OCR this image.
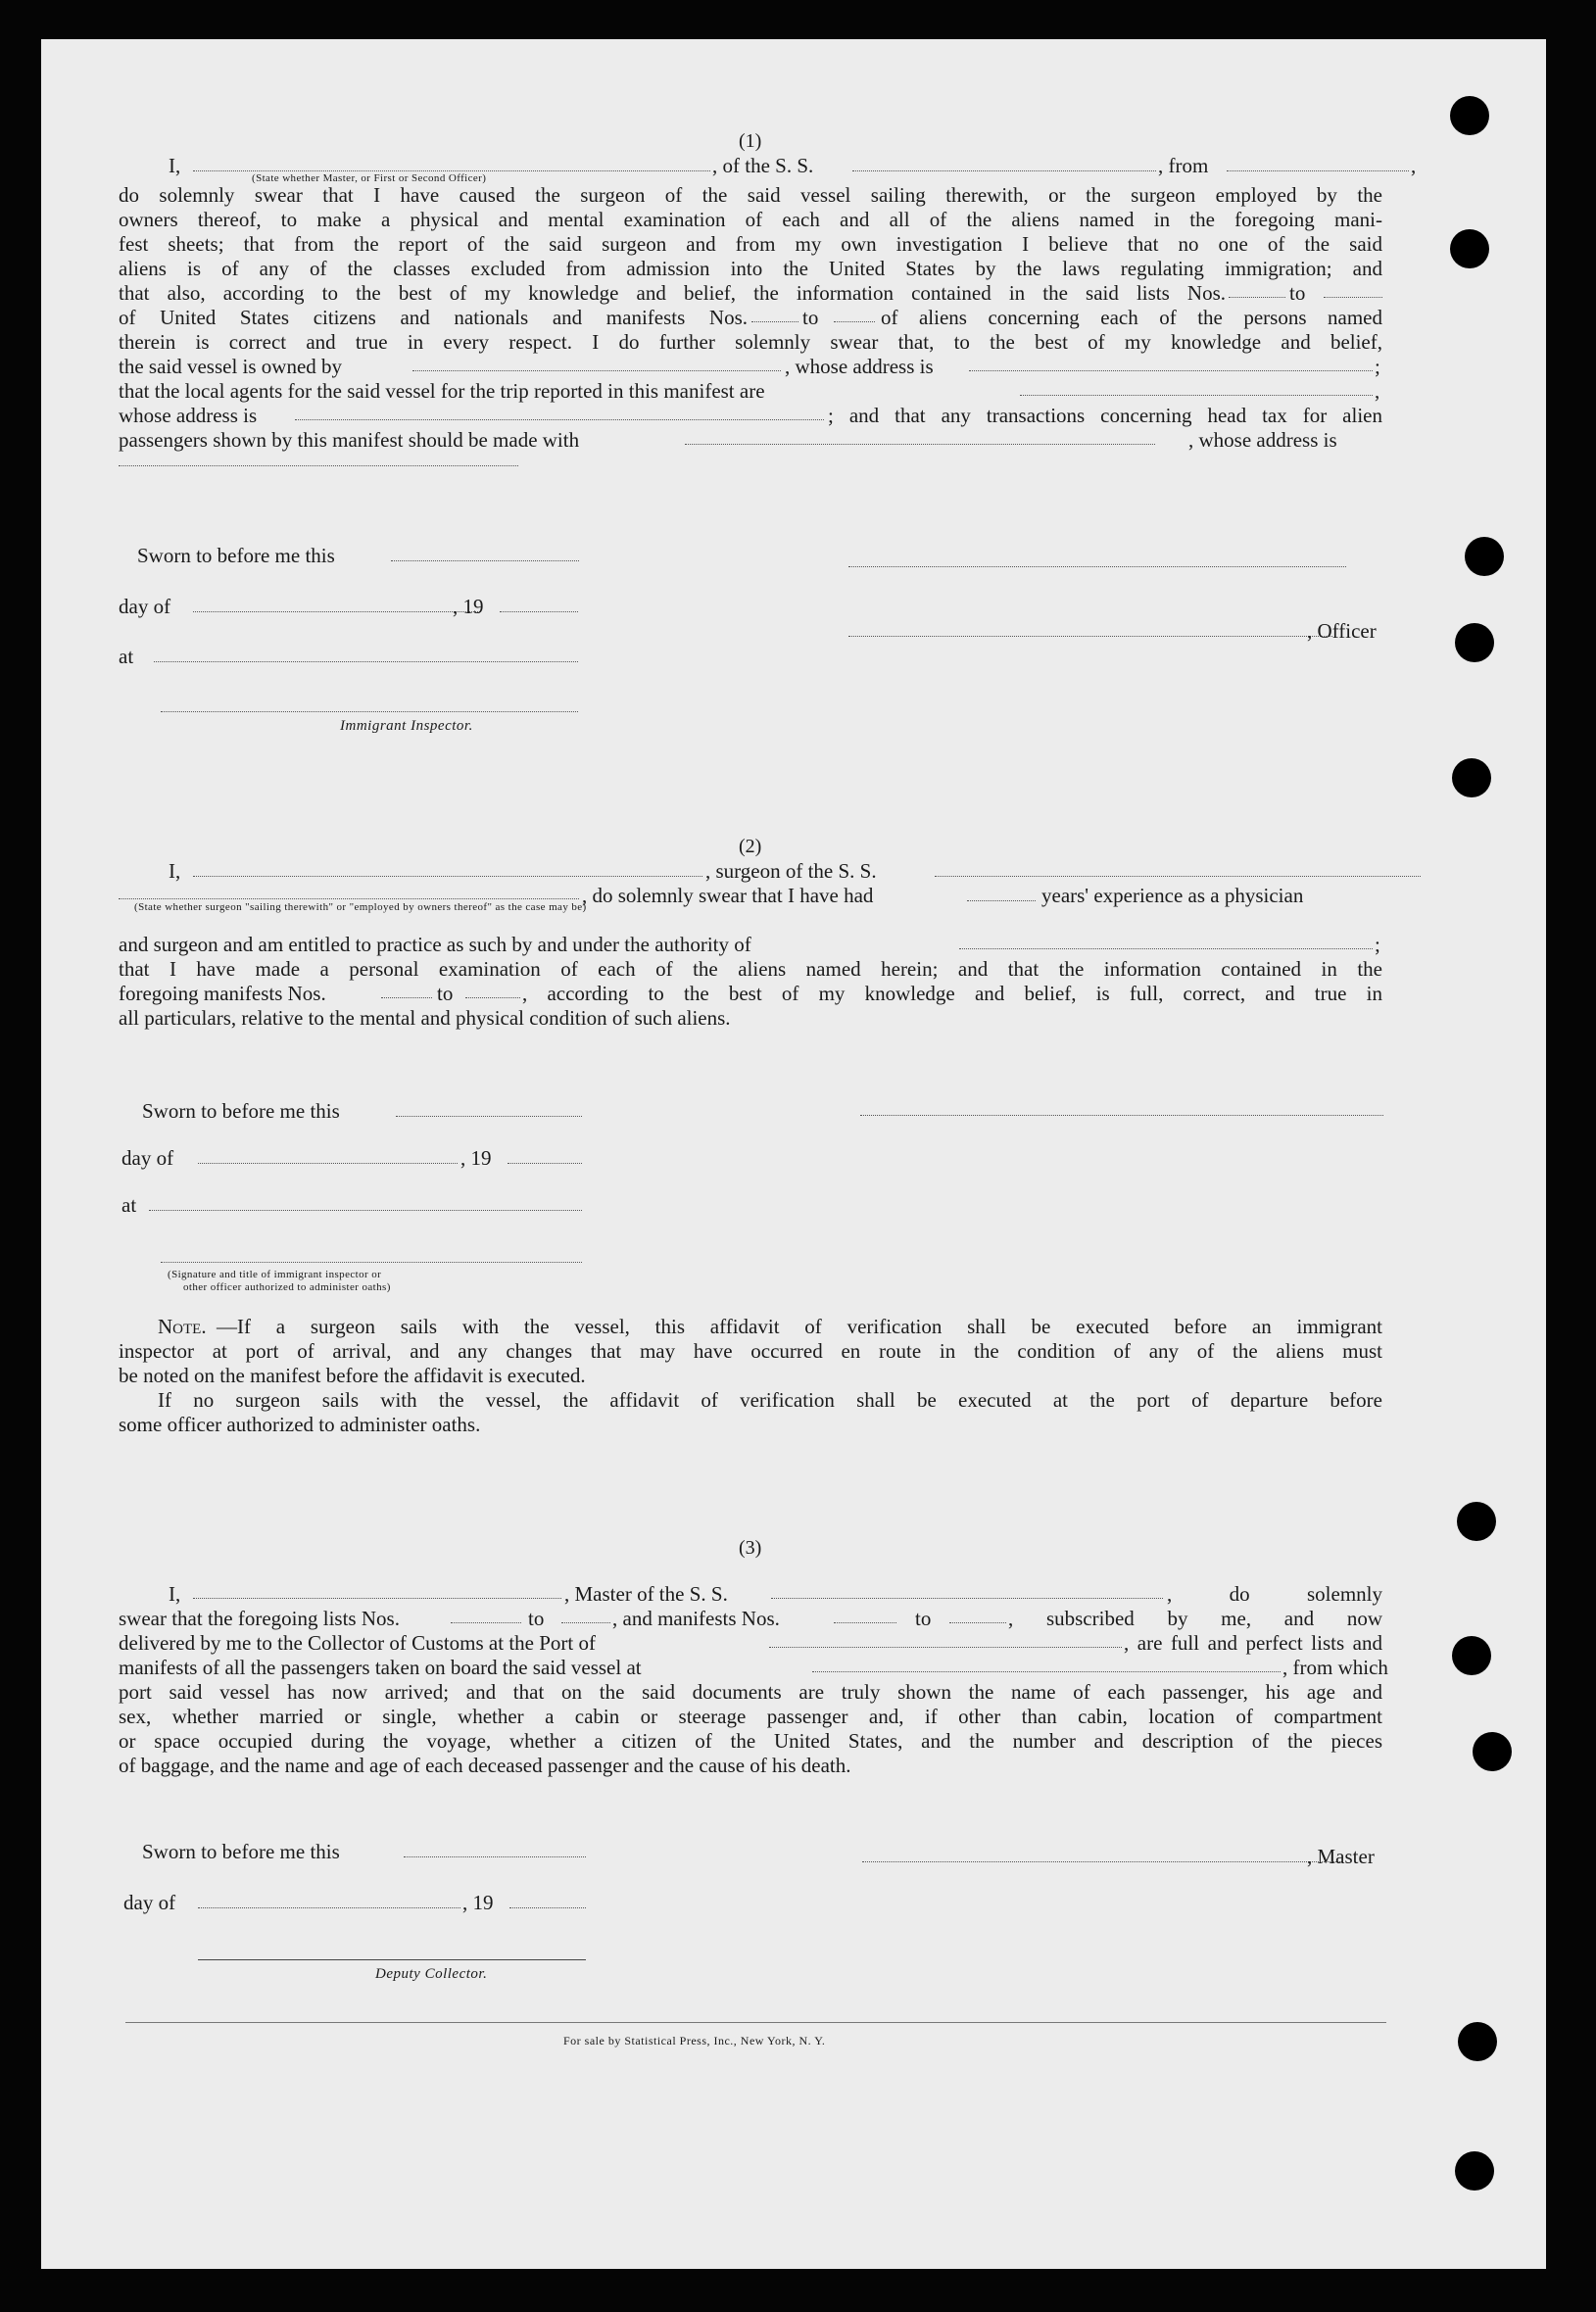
(1)
I,
(State whether Master, or First or Second Officer)
, of the S. S.	, from	,
do solemnly swear that I have caused the surgeon of the said vessel sailing therewith, or the surgeon employed by the
owners thereof, to make a physical and mental examination of each and all of the aliens named in the foregoing mani-
fest sheets; that from the report of the said surgeon and from my own investigation I believe that no one of the said
aliens is of any of the classes excluded from admission into the United States by the laws regulating immigration; and
that also, according to the best of my knowledge and belief, the information contained in the said lists Nos.	to
of United States citizens and nationals and manifests Nos.	to	of aliens concerning each of the persons named
therein is correct and true in every respect. I do further solemnly swear that, to the best of my knowledge and belief,
the said vessel is owned by	, whose address is	;
that the local agents for the said vessel for the trip reported in this manifest are	,
whose address is	; and that any transactions concerning head tax for alien
passengers shown by this manifest should be made with	, whose address is
Sworn to before me this
day of	, 19
, Officer
at
Immigrant Inspector.
(2)
I,	, surgeon of the S. S.
, do solemnly swear that I have had	years' experience as a physician
(State whether surgeon "sailing therewith" or "employed by owners thereof" as the case may be)
and surgeon and am entitled to practice as such by and under the authority of	;
that I have made a personal examination of each of the aliens named herein; and that the information contained in the
foregoing manifests Nos.	to	, according to the best of my knowledge and belief, is full, correct, and true in
all particulars, relative to the mental and physical condition of such aliens.
Sworn to before me this
day of	, 19
at
(Signature and title of immigrant inspector or
other officer authorized to administer oaths)
Note. —If a surgeon sails with the vessel, this affidavit of verification shall be executed before an immigrant
inspector at port of arrival, and any changes that may have occurred en route in the condition of any of the aliens must
be noted on the manifest before the affidavit is executed.
If no surgeon sails with the vessel, the affidavit of verification shall be executed at the port of departure before
some officer authorized to administer oaths.
(3)
I,	, Master of the S. S.	, do solemnly
swear that the foregoing lists Nos.	to	, and manifests Nos.	to	, subscribed by me, and now
delivered by me to the Collector of Customs at the Port of	, are full and perfect lists and
manifests of all the passengers taken on board the said vessel at	, from which
port said vessel has now arrived; and that on the said documents are truly shown the name of each passenger, his age and
sex, whether married or single, whether a cabin or steerage passenger and, if other than cabin, location of compartment
or space occupied during the voyage, whether a citizen of the United States, and the number and description of the pieces
of baggage, and the name and age of each deceased passenger and the cause of his death.
Sworn to before me this	, Master
day of	, 19
Deputy Collector.
For sale by Statistical Press, Inc., New York, N. Y.
